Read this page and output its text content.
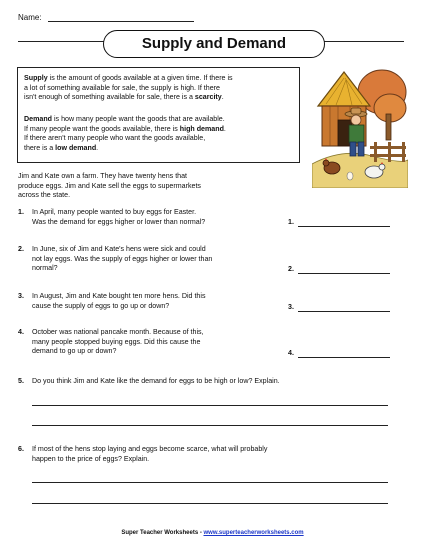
Name:
Supply and Demand
Supply is the amount of goods available at a given time. If there is
a lot of something available for sale, the supply is high. If there
isn't enough of something available for sale, there is a scarcity.
Demand is how many people want the goods that are available.
If many people want the goods available, there is high demand.
If there aren't many people who want the goods available,
there is a low demand.
Jim and Kate own a farm. They have twenty hens that
produce eggs. Jim and Kate sell the eggs to supermarkets
across the state.
1. In April, many people wanted to buy eggs for Easter.
Was the demand for eggs higher or lower than normal?	1.
2. In June, six of Jim and Kate's hens were sick and could
not lay eggs. Was the supply of eggs higher or lower than
normal?	2.
3. In August, Jim and Kate bought ten more hens. Did this
cause the supply of eggs to go up or down?	3.
4. October was national pancake month. Because of this,
many people stopped buying eggs. Did this cause the
demand to go up or down?	4.
5. Do you think Jim and Kate like the demand for eggs to be high or low? Explain.
6. If most of the hens stop laying and eggs become scarce, what will probably
happen to the price of eggs? Explain.
Super Teacher Worksheets - www.superteacherworksheets.com
